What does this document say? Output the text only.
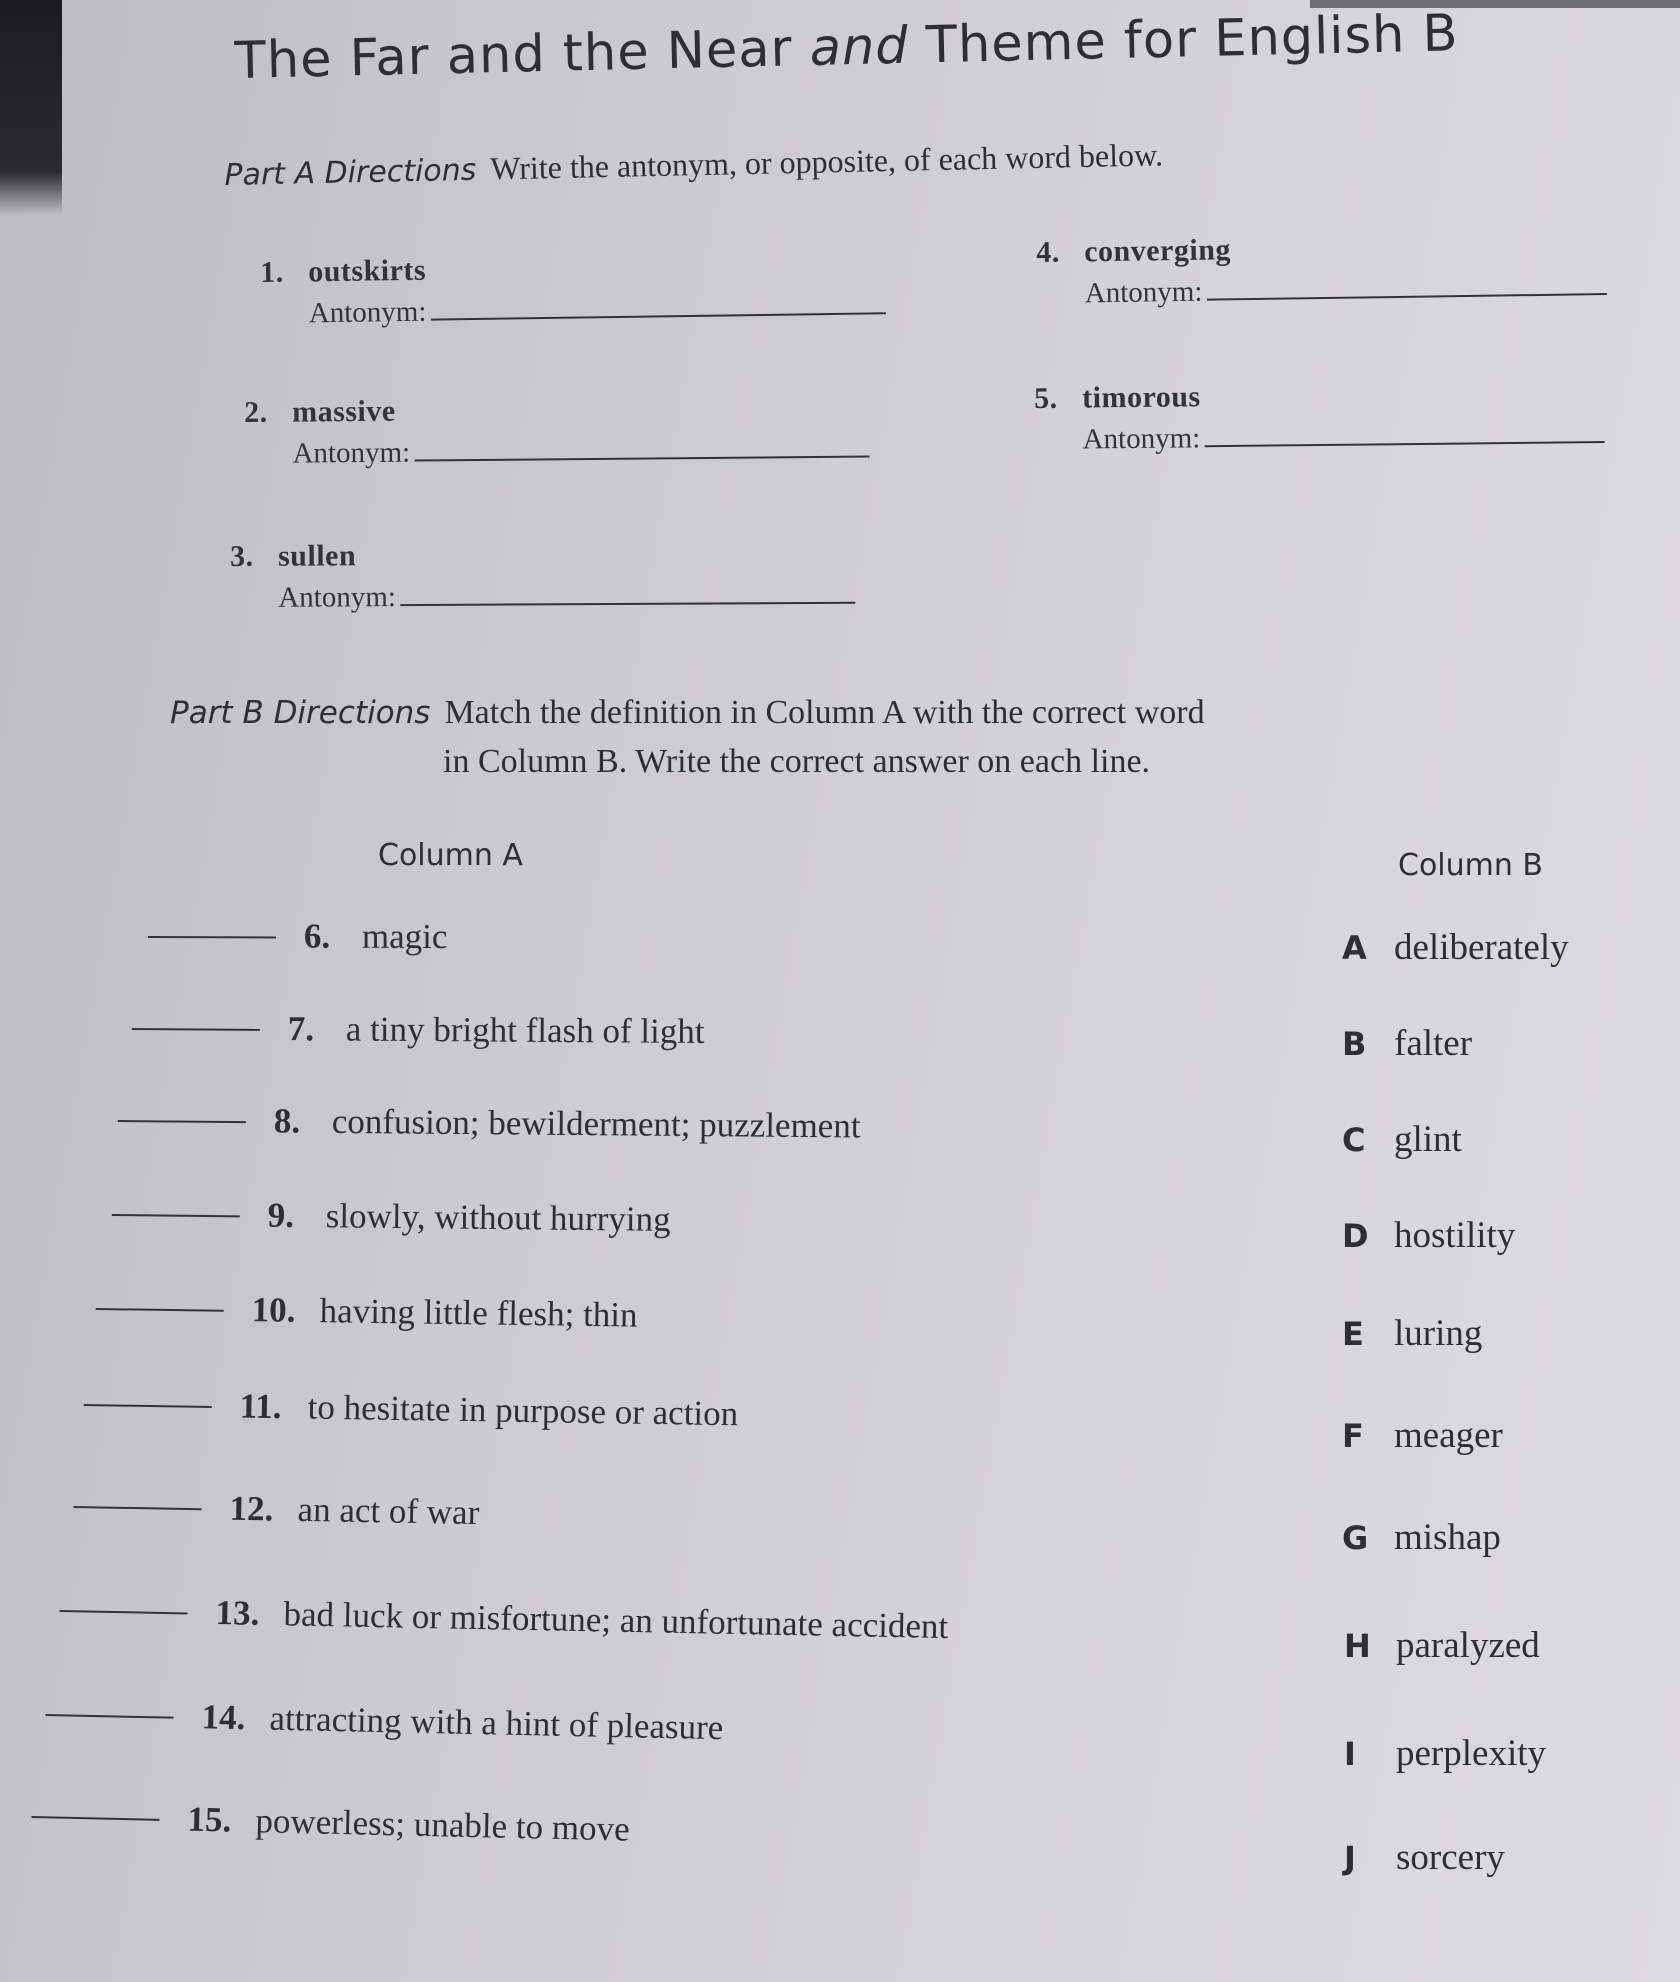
The Far and the Near and Theme for English B
Part A Directions Write the antonym, or opposite, of each word below.
1. outskirts
Antonym:
2. massive
Antonym:
3. sullen
Antonym:
4. converging
Antonym:
5. timorous
Antonym:
Part B Directions Match the definition in Column A with the correct word
in Column B. Write the correct answer on each line.
Column A	Column B
6. magic
7. a tiny bright flash of light
8. confusion; bewilderment; puzzlement
9. slowly, without hurrying
10. having little flesh; thin
11. to hesitate in purpose or action
12. an act of war
13. bad luck or misfortune; an unfortunate accident
14. attracting with a hint of pleasure
15. powerless; unable to move
A deliberately
B falter
C glint
D hostility
E luring
F meager
G mishap
H paralyzed
I perplexity
J sorcery
